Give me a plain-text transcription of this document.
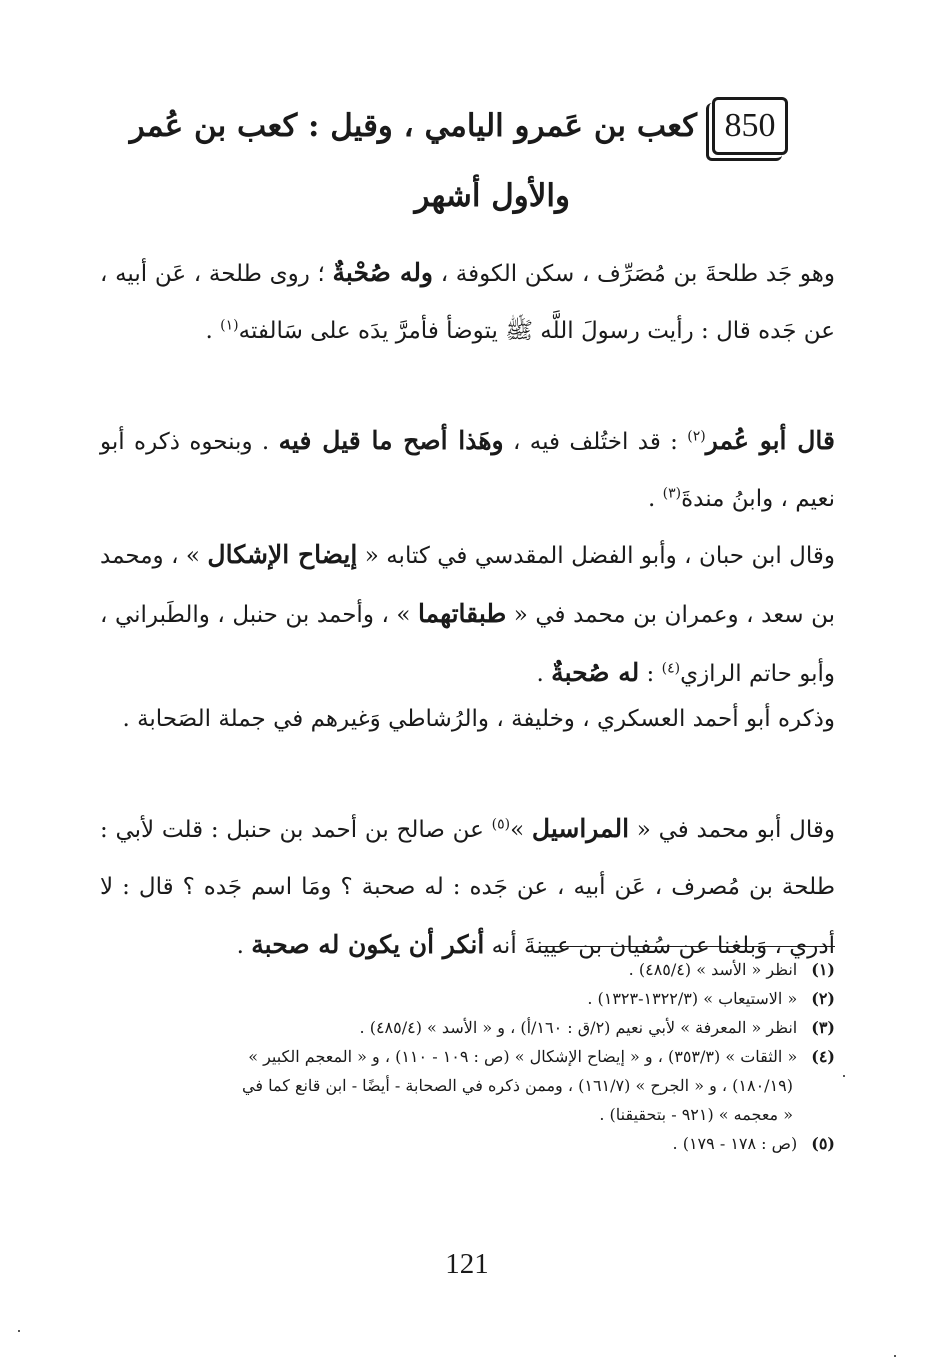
850
كعب بن عَمرو اليامي ، وقيل : كعب بن عُمر
والأول أشهر
وهو جَد طلحةَ بن مُصَرِّف ، سكن الكوفة ، وله صُحْبةٌ ؛ روى طلحة ، عَن أبيه ، عن جَده قال : رأيت رسولَ اللَّه ﷺ يتوضأ فأمرَّ يدَه على سَالفته$^{(١)}$ .
قال أبو عُمر$^{(٢)}$ : قد اختُلف فيه ، وهَذا أصح ما قيل فيه . وبنحوه ذكره أبو نعيم ، وابنُ مندةَ$^{(٣)}$ .
وقال ابن حبان ، وأبو الفضل المقدسي في كتابه « إيضاح الإشكال » ، ومحمد بن سعد ، وعمران بن محمد في « طبقاتهما » ، وأحمد بن حنبل ، والطَبراني ، وأبو حاتم الرازي$^{(٤)}$ : له صُحبةٌ .
وذكره أبو أحمد العسكري ، وخليفة ، والرُشاطي وَغيرهم في جملة الصَحابة .
وقال أبو محمد في « المراسيل »$^{(٥)}$ عن صالح بن أحمد بن حنبل : قلت لأبي : طلحة بن مُصرف ، عَن أبيه ، عن جَده : له صحبة ؟ ومَا اسم جَده ؟ قال : لا أدري ، وَبلغنا عن سُفيان بن عيينةَ أنه أنكر أن يكون له صحبة .
(١)انظر « الأسد » (٤٨٥/٤) .
(٢)« الاستيعاب » (١٣٢٢/٣-١٣٢٣) .
(٣)انظر « المعرفة » لأبي نعيم (٢/ق : ١٦٠/أ) ، و « الأسد » (٤٨٥/٤) .
(٤)« الثقات » (٣٥٣/٣) ، و « إيضاح الإشكال » (ص : ١٠٩ - ١١٠) ، و « المعجم الكبير »
(١٨٠/١٩) ، و « الجرح » (١٦١/٧) ، وممن ذكره في الصحابة - أيضًا - ابن قانع كما في
« معجمه » (٩٢١ - بتحقيقنا) .
(٥)(ص : ١٧٨ - ١٧٩) .
121
